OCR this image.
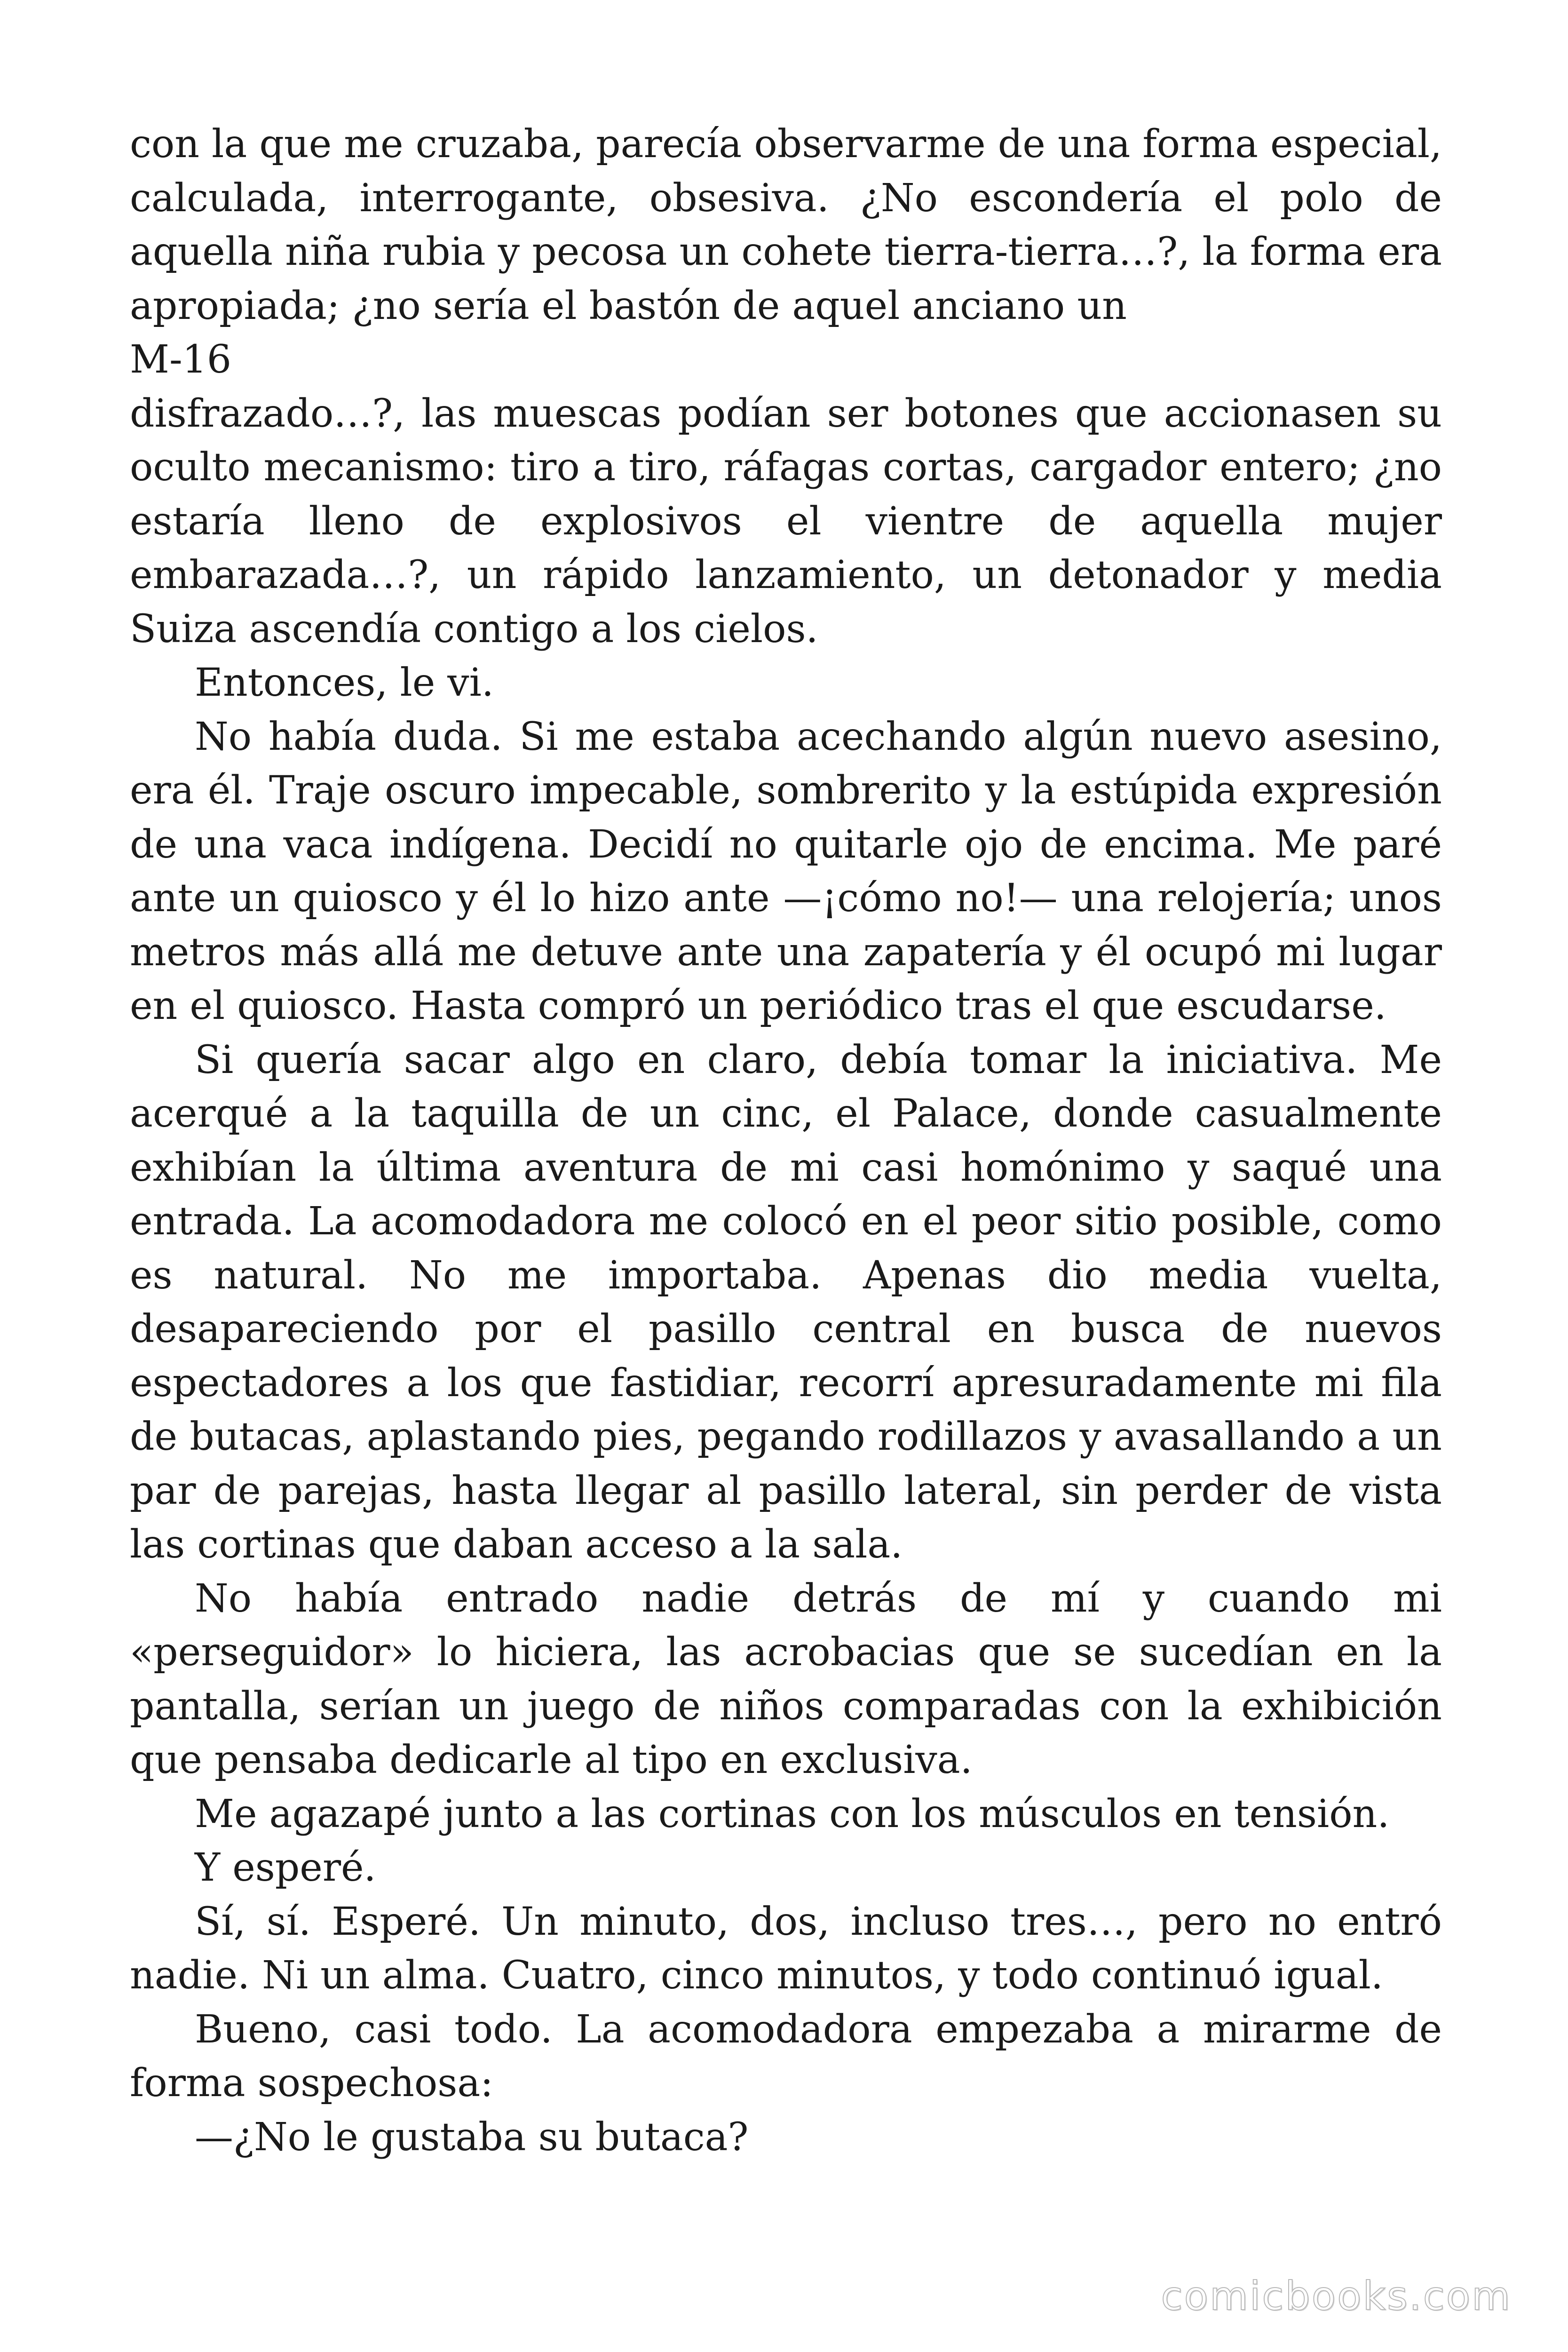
con la que me cruzaba, parecía observarme de una forma especial, calculada, interrogante, obsesiva. ¿No escondería el polo de aquella niña rubia y pecosa un cohete tierra-tierra…?, la forma era apropiada; ¿no sería el bastón de aquel anciano un

M-16

disfrazado…?, las muescas podían ser botones que accionasen su oculto mecanismo: tiro a tiro, ráfagas cortas, cargador entero; ¿no estaría lleno de explosivos el vientre de aquella mujer embarazada…?, un rápido lanzamiento, un detonador y media Suiza ascendía contigo a los cielos.

Entonces, le vi.

No había duda. Si me estaba acechando algún nuevo asesino, era él. Traje oscuro impecable, sombrerito y la estúpida expresión de una vaca indígena. Decidí no quitarle ojo de encima. Me paré ante un quiosco y él lo hizo ante —¡cómo no!— una relojería; unos metros más allá me detuve ante una zapatería y él ocupó mi lugar en el quiosco. Hasta compró un periódico tras el que escudarse.

Si quería sacar algo en claro, debía tomar la iniciativa. Me acerqué a la taquilla de un cinc, el Palace, donde casualmente exhibían la última aventura de mi casi homónimo y saqué una entrada. La acomodadora me colocó en el peor sitio posible, como es natural. No me importaba. Apenas dio media vuelta, desapareciendo por el pasillo central en busca de nuevos espectadores a los que fastidiar, recorrí apresuradamente mi fila de butacas, aplastando pies, pegando rodillazos y avasallando a un par de parejas, hasta llegar al pasillo lateral, sin perder de vista las cortinas que daban acceso a la sala.

No había entrado nadie detrás de mí y cuando mi «perseguidor» lo hiciera, las acrobacias que se sucedían en la pantalla, serían un juego de niños comparadas con la exhibición que pensaba dedicarle al tipo en exclusiva.

Me agazapé junto a las cortinas con los músculos en tensión.

Y esperé.

Sí, sí. Esperé. Un minuto, dos, incluso tres…, pero no entró nadie. Ni un alma. Cuatro, cinco minutos, y todo continuó igual.

Bueno, casi todo. La acomodadora empezaba a mirarme de forma sospechosa:

—¿No le gustaba su butaca?

comicbooks.com
